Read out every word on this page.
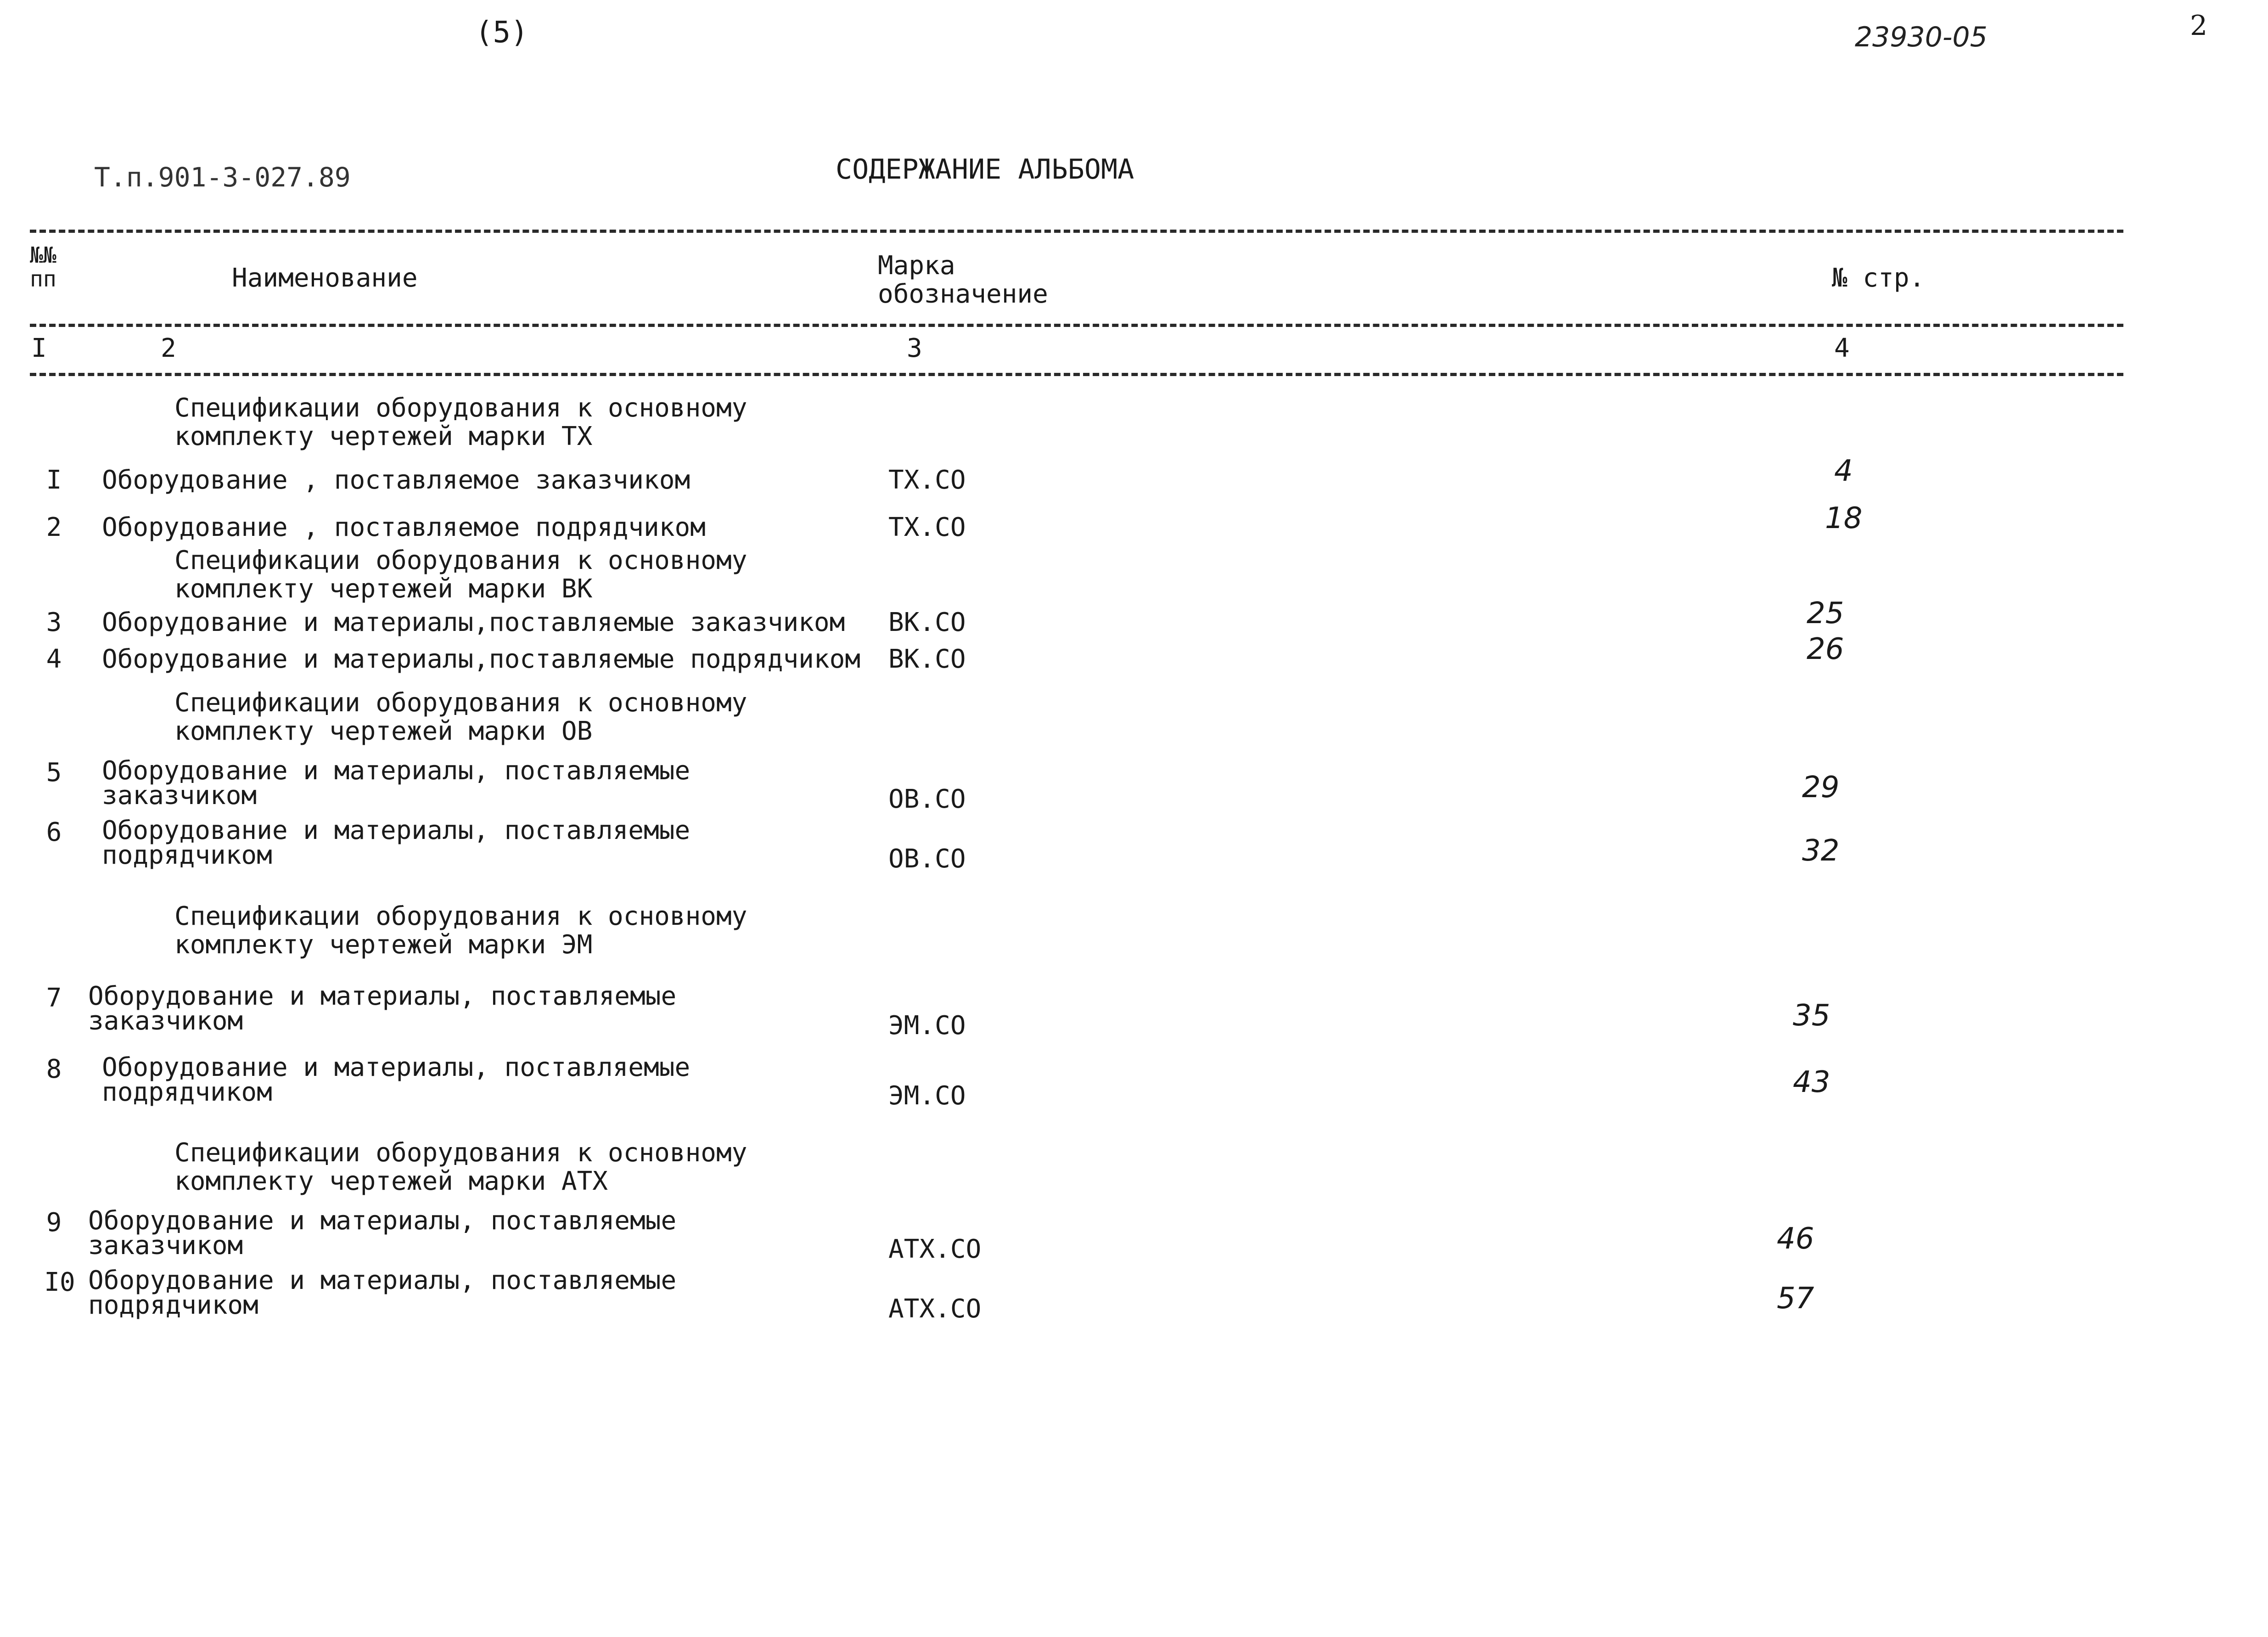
(5)	23930-05	2
Т.п.901-3-027.89	СОДЕРЖАНИЕ АЛЬБОМА
№№
пп	Наименование	Марка
обозначение
№ стр.
I	2	3	4
Спецификации оборудования к основному
комплекту чертежей марки ТХ
I Оборудование , поставляемое заказчиком	ТХ.СО	4
2 Оборудование , поставляемое подрядчиком	ТХ.СО	18
Спецификации оборудования к основному
комплекту чертежей марки ВК
3 Оборудование и материалы,поставляемые заказчиком ВК.СО	25
4 Оборудование и материалы,поставляемые подрядчиком ВК.СО	26
Спецификации оборудования к основному
комплекту чертежей марки ОВ
5 Оборудование и материалы, поставляемые
заказчиком	ОВ.СО	29
6 Оборудование и материалы, поставляемые
подрядчиком	ОВ.СО	32
Спецификации оборудования к основному
комплекту чертежей марки ЭМ
7 Оборудование и материалы, поставляемые
заказчиком	ЭМ.СО	35
8 Оборудование и материалы, поставляемые
подрядчиком	ЭМ.СО	43
Спецификации оборудования к основному
комплекту чертежей марки АТХ
9 Оборудование и материалы, поставляемые
заказчиком	АТХ.СО	46
I0 Оборудование и материалы, поставляемые
подрядчиком	АТХ.СО	57
